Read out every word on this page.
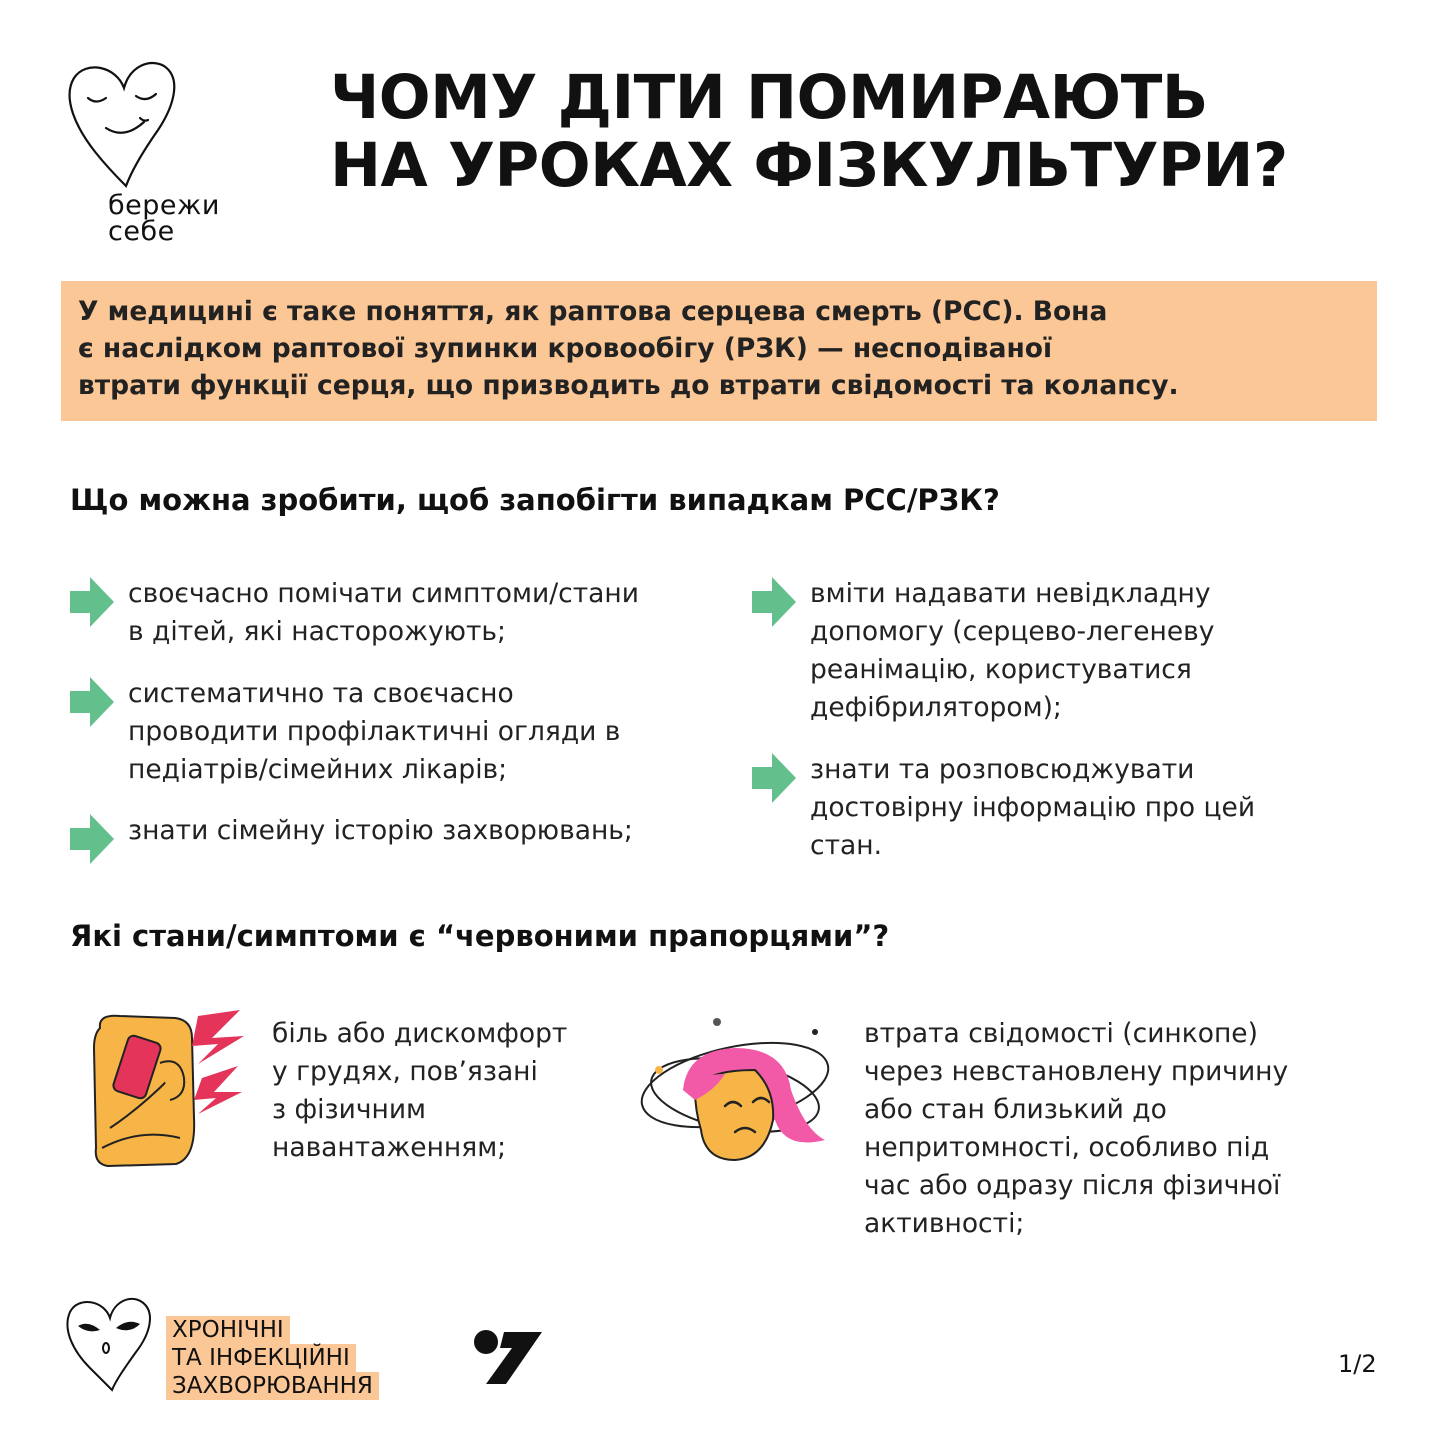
бережи
себе
ЧОМУ ДІТИ ПОМИРАЮТЬ
НА УРОКАХ ФІЗКУЛЬТУРИ?
У медицині є таке поняття, як раптова серцева смерть (РСС). Вона
є наслідком раптової зупинки кровообігу (РЗК) — несподіваної
втрати функції серця, що призводить до втрати свідомості та колапсу.
Що можна зробити, щоб запобігти випадкам РСС/РЗК?
своєчасно помічати симптоми/стани
в дітей, які насторожують;
систематично та своєчасно
проводити профілактичні огляди в
педіатрів/сімейних лікарів;
знати сімейну історію захворювань;
вміти надавати невідкладну
допомогу (серцево-легеневу
реанімацію, користуватися
дефібрилятором);
знати та розповсюджувати
достовірну інформацію про цей
стан.
Які стани/симптоми є “червоними прапорцями”?
біль або дискомфорт
у грудях, пов’язані
з фізичним
навантаженням;
втрата свідомості (синкопе)
через невстановлену причину
або стан близький до
непритомності, особливо під
час або одразу після фізичної
активності;
ХРОНІЧНІ
ТА ІНФЕКЦІЙНІ
ЗАХВОРЮВАННЯ
1/2
